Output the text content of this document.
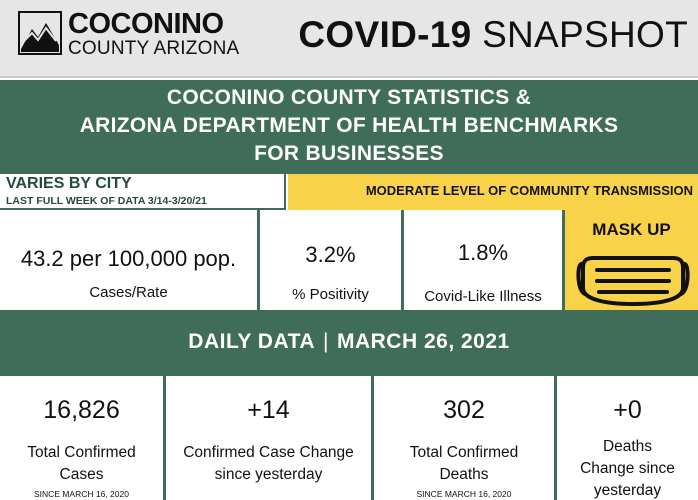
COCONINO
COUNTY ARIZONA COVID-19 SNAPSHOT
COCONINO COUNTY STATISTICS &
ARIZONA DEPARTMENT OF HEALTH BENCHMARKS
FOR BUSINESSES
VARIES BY CITY
LAST FULL WEEK OF DATA 3/14-3/20/21
MODERATE LEVEL OF COMMUNITY TRANSMISSION
43.2 per 100,000 pop.
Cases/Rate
3.2%
% Positivity
1.8%
Covid-Like Illness
MASK UP
DAILY DATA | MARCH 26, 2021
16,826
Total Confirmed Cases
SINCE MARCH 16, 2020
+14
Confirmed Case Change since yesterday
302
Total Confirmed Deaths
SINCE MARCH 16, 2020
+0
Deaths Change since yesterday
